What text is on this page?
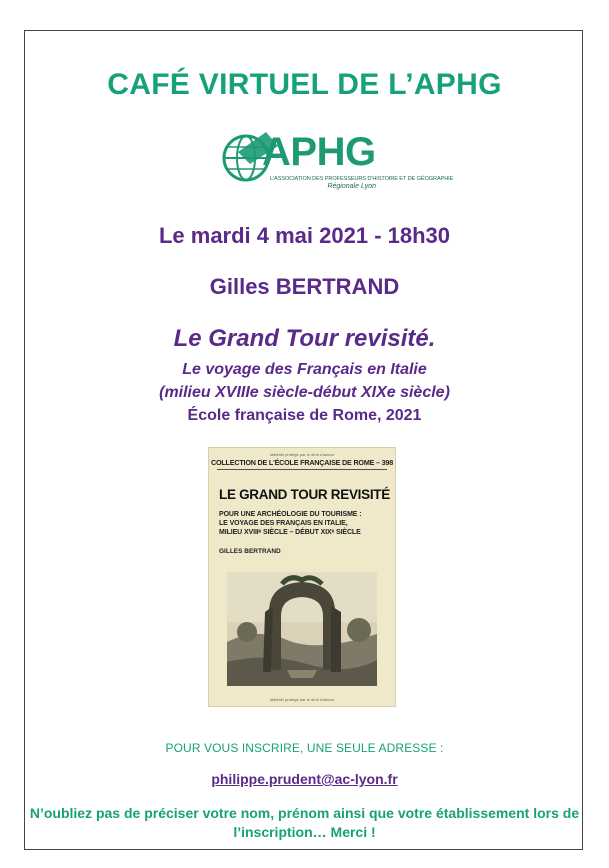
CAFÉ VIRTUEL DE L’APHG
APHG
L'ASSOCIATION DES PROFESSEURS D'HISTOIRE ET DE GÉOGRAPHIE
Régionale Lyon
Le mardi 4 mai 2021 - 18h30
Gilles BERTRAND
Le Grand Tour revisité.
Le voyage des Français en Italie
(milieu XVIIIe siècle-début XIXe siècle)
École française de Rome, 2021
Matériel protégé par le droit d'auteur
COLLECTION DE L'ÉCOLE FRANÇAISE DE ROME – 398
LE GRAND TOUR REVISITÉ
POUR UNE ARCHÉOLOGIE DU TOURISME :
LE VOYAGE DES FRANÇAIS EN ITALIE,
MILIEU XVIIIᵉ SIÈCLE – DÉBUT XIXᵉ SIÈCLE
GILLES BERTRAND
Matériel protégé par le droit d'auteur
POUR VOUS INSCRIRE, UNE SEULE ADRESSE :
philippe.prudent@ac-lyon.fr
N’oubliez pas de préciser votre nom, prénom ainsi que votre établissement lors de
l’inscription… Merci !
